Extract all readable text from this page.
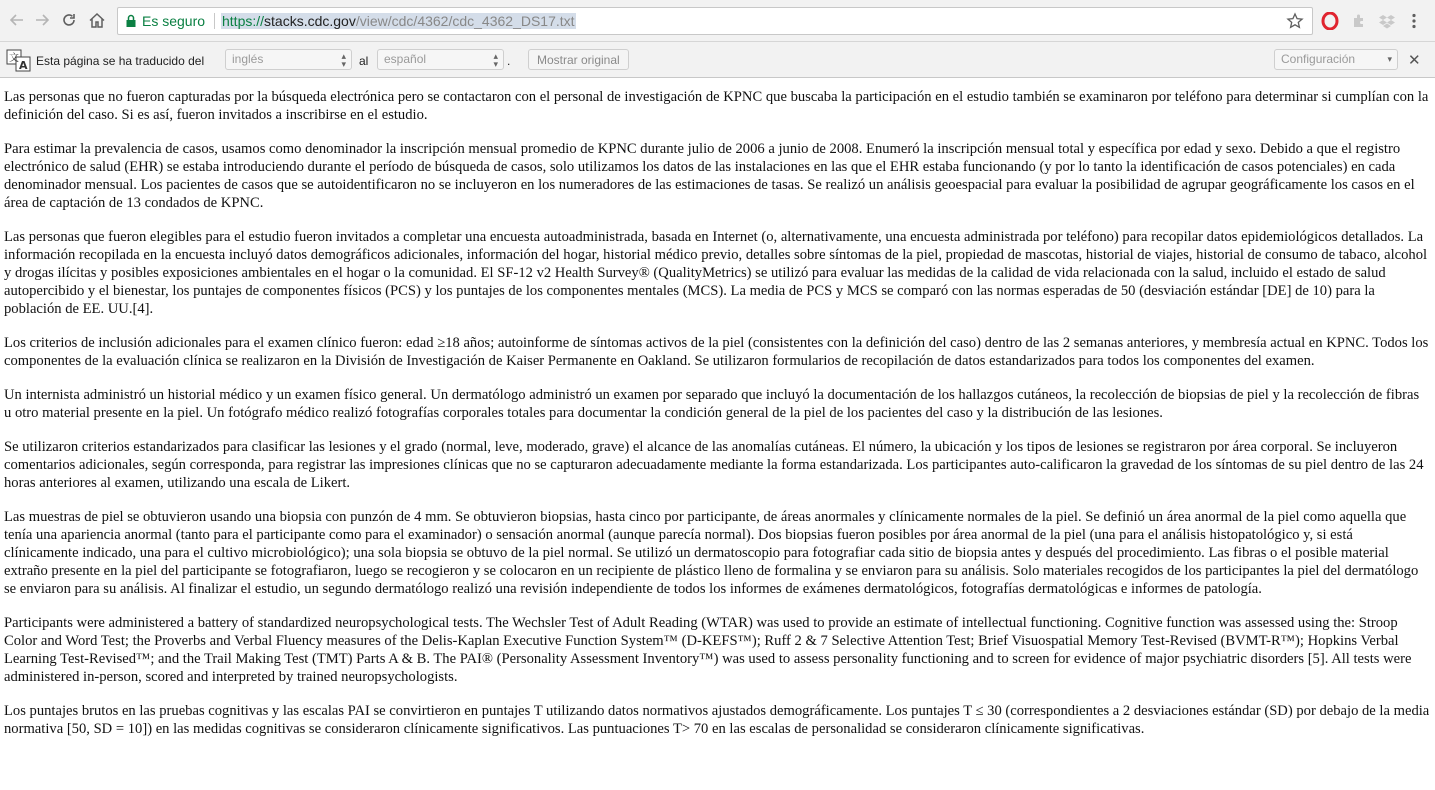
Es seguro https://stacks.cdc.gov/view/cdc/4362/cdc_4362_DS17.txt
文
A Esta página se ha traducido del	inglés	▴
▾ al	español	▴
▾ .	Mostrar original	Configuración	▾ ✕

Las personas que no fueron capturadas por la búsqueda electrónica pero se contactaron con el personal de investigación de KPNC que buscaba la participación en el estudio también se examinaron por teléfono para determinar si cumplían con la definición del caso. Si es así, fueron invitados a inscribirse en el estudio.

Para estimar la prevalencia de casos, usamos como denominador la inscripción mensual promedio de KPNC durante julio de 2006 a junio de 2008. Enumeró la inscripción mensual total y específica por edad y sexo. Debido a que el registro electrónico de salud (EHR) se estaba introduciendo durante el período de búsqueda de casos, solo utilizamos los datos de las instalaciones en las que el EHR estaba funcionando (y por lo tanto la identificación de casos potenciales) en cada denominador mensual. Los pacientes de casos que se autoidentificaron no se incluyeron en los numeradores de las estimaciones de tasas. Se realizó un análisis geoespacial para evaluar la posibilidad de agrupar geográficamente los casos en el área de captación de 13 condados de KPNC.

Las personas que fueron elegibles para el estudio fueron invitados a completar una encuesta autoadministrada, basada en Internet (o, alternativamente, una encuesta administrada por teléfono) para recopilar datos epidemiológicos detallados. La información recopilada en la encuesta incluyó datos demográficos adicionales, información del hogar, historial médico previo, detalles sobre síntomas de la piel, propiedad de mascotas, historial de viajes, historial de consumo de tabaco, alcohol y drogas ilícitas y posibles exposiciones ambientales en el hogar o la comunidad. El SF-12 v2 Health Survey® (QualityMetrics) se utilizó para evaluar las medidas de la calidad de vida relacionada con la salud, incluido el estado de salud autopercibido y el bienestar, los puntajes de componentes físicos (PCS) y los puntajes de los componentes mentales (MCS). La media de PCS y MCS se comparó con las normas esperadas de 50 (desviación estándar [DE] de 10) para la población de EE. UU.[4].

Los criterios de inclusión adicionales para el examen clínico fueron: edad ≥18 años; autoinforme de síntomas activos de la piel (consistentes con la definición del caso) dentro de las 2 semanas anteriores, y membresía actual en KPNC. Todos los componentes de la evaluación clínica se realizaron en la División de Investigación de Kaiser Permanente en Oakland. Se utilizaron formularios de recopilación de datos estandarizados para todos los componentes del examen.

Un internista administró un historial médico y un examen físico general. Un dermatólogo administró un examen por separado que incluyó la documentación de los hallazgos cutáneos, la recolección de biopsias de piel y la recolección de fibras u otro material presente en la piel. Un fotógrafo médico realizó fotografías corporales totales para documentar la condición general de la piel de los pacientes del caso y la distribución de las lesiones.

Se utilizaron criterios estandarizados para clasificar las lesiones y el grado (normal, leve, moderado, grave) el alcance de las anomalías cutáneas. El número, la ubicación y los tipos de lesiones se registraron por área corporal. Se incluyeron comentarios adicionales, según corresponda, para registrar las impresiones clínicas que no se capturaron adecuadamente mediante la forma estandarizada. Los participantes auto-calificaron la gravedad de los síntomas de su piel dentro de las 24 horas anteriores al examen, utilizando una escala de Likert.

Las muestras de piel se obtuvieron usando una biopsia con punzón de 4 mm. Se obtuvieron biopsias, hasta cinco por participante, de áreas anormales y clínicamente normales de la piel. Se definió un área anormal de la piel como aquella que tenía una apariencia anormal (tanto para el participante como para el examinador) o sensación anormal (aunque parecía normal). Dos biopsias fueron posibles por área anormal de la piel (una para el análisis histopatológico y, si está clínicamente indicado, una para el cultivo microbiológico); una sola biopsia se obtuvo de la piel normal. Se utilizó un dermatoscopio para fotografiar cada sitio de biopsia antes y después del procedimiento. Las fibras o el posible material extraño presente en la piel del participante se fotografiaron, luego se recogieron y se colocaron en un recipiente de plástico lleno de formalina y se enviaron para su análisis. Solo materiales recogidos de los participantes la piel del dermatólogo se enviaron para su análisis. Al finalizar el estudio, un segundo dermatólogo realizó una revisión independiente de todos los informes de exámenes dermatológicos, fotografías dermatológicas e informes de patología.

Participants were administered a battery of standardized neuropsychological tests. The Wechsler Test of Adult Reading (WTAR) was used to provide an estimate of intellectual functioning. Cognitive function was assessed using the: Stroop Color and Word Test; the Proverbs and Verbal Fluency measures of the Delis-Kaplan Executive Function System™ (D-KEFS™); Ruff 2 & 7 Selective Attention Test; Brief Visuospatial Memory Test-Revised (BVMT-R™); Hopkins Verbal Learning Test-Revised™; and the Trail Making Test (TMT) Parts A & B. The PAI® (Personality Assessment Inventory™) was used to assess personality functioning and to screen for evidence of major psychiatric disorders [5]. All tests were administered in-person, scored and interpreted by trained neuropsychologists.

Los puntajes brutos en las pruebas cognitivas y las escalas PAI se convirtieron en puntajes T utilizando datos normativos ajustados demográficamente. Los puntajes T ≤ 30 (correspondientes a 2 desviaciones estándar (SD) por debajo de la media normativa [50, SD = 10]) en las medidas cognitivas se consideraron clínicamente significativos. Las puntuaciones T> 70 en las escalas de personalidad se consideraron clínicamente significativas.
